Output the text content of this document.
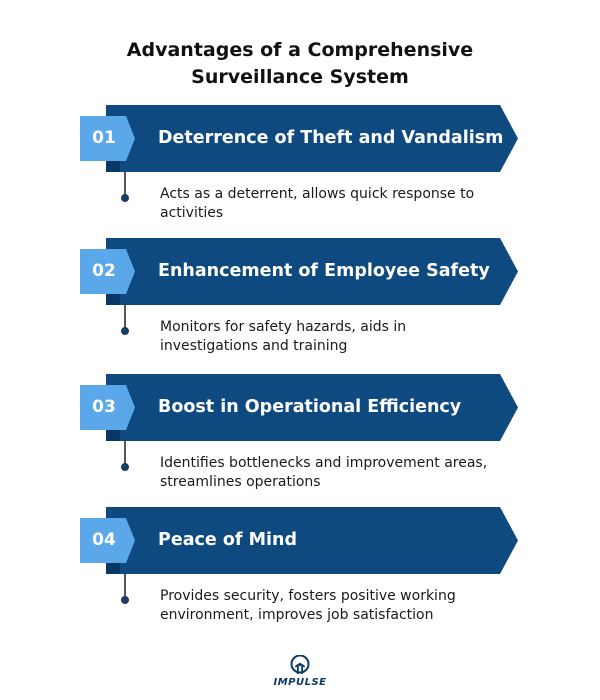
Advantages of a Comprehensive
Surveillance System
01	Deterrence of Theft and Vandalism

Acts as a deterrent, allows quick response to activities

02	Enhancement of Employee Safety

Monitors for safety hazards, aids in investigations and training

03	Boost in Operational Efficiency

Identifies bottlenecks and improvement areas, streamlines operations

04	Peace of Mind

Provides security, fosters positive working environment, improves job satisfaction

IMPULSE
